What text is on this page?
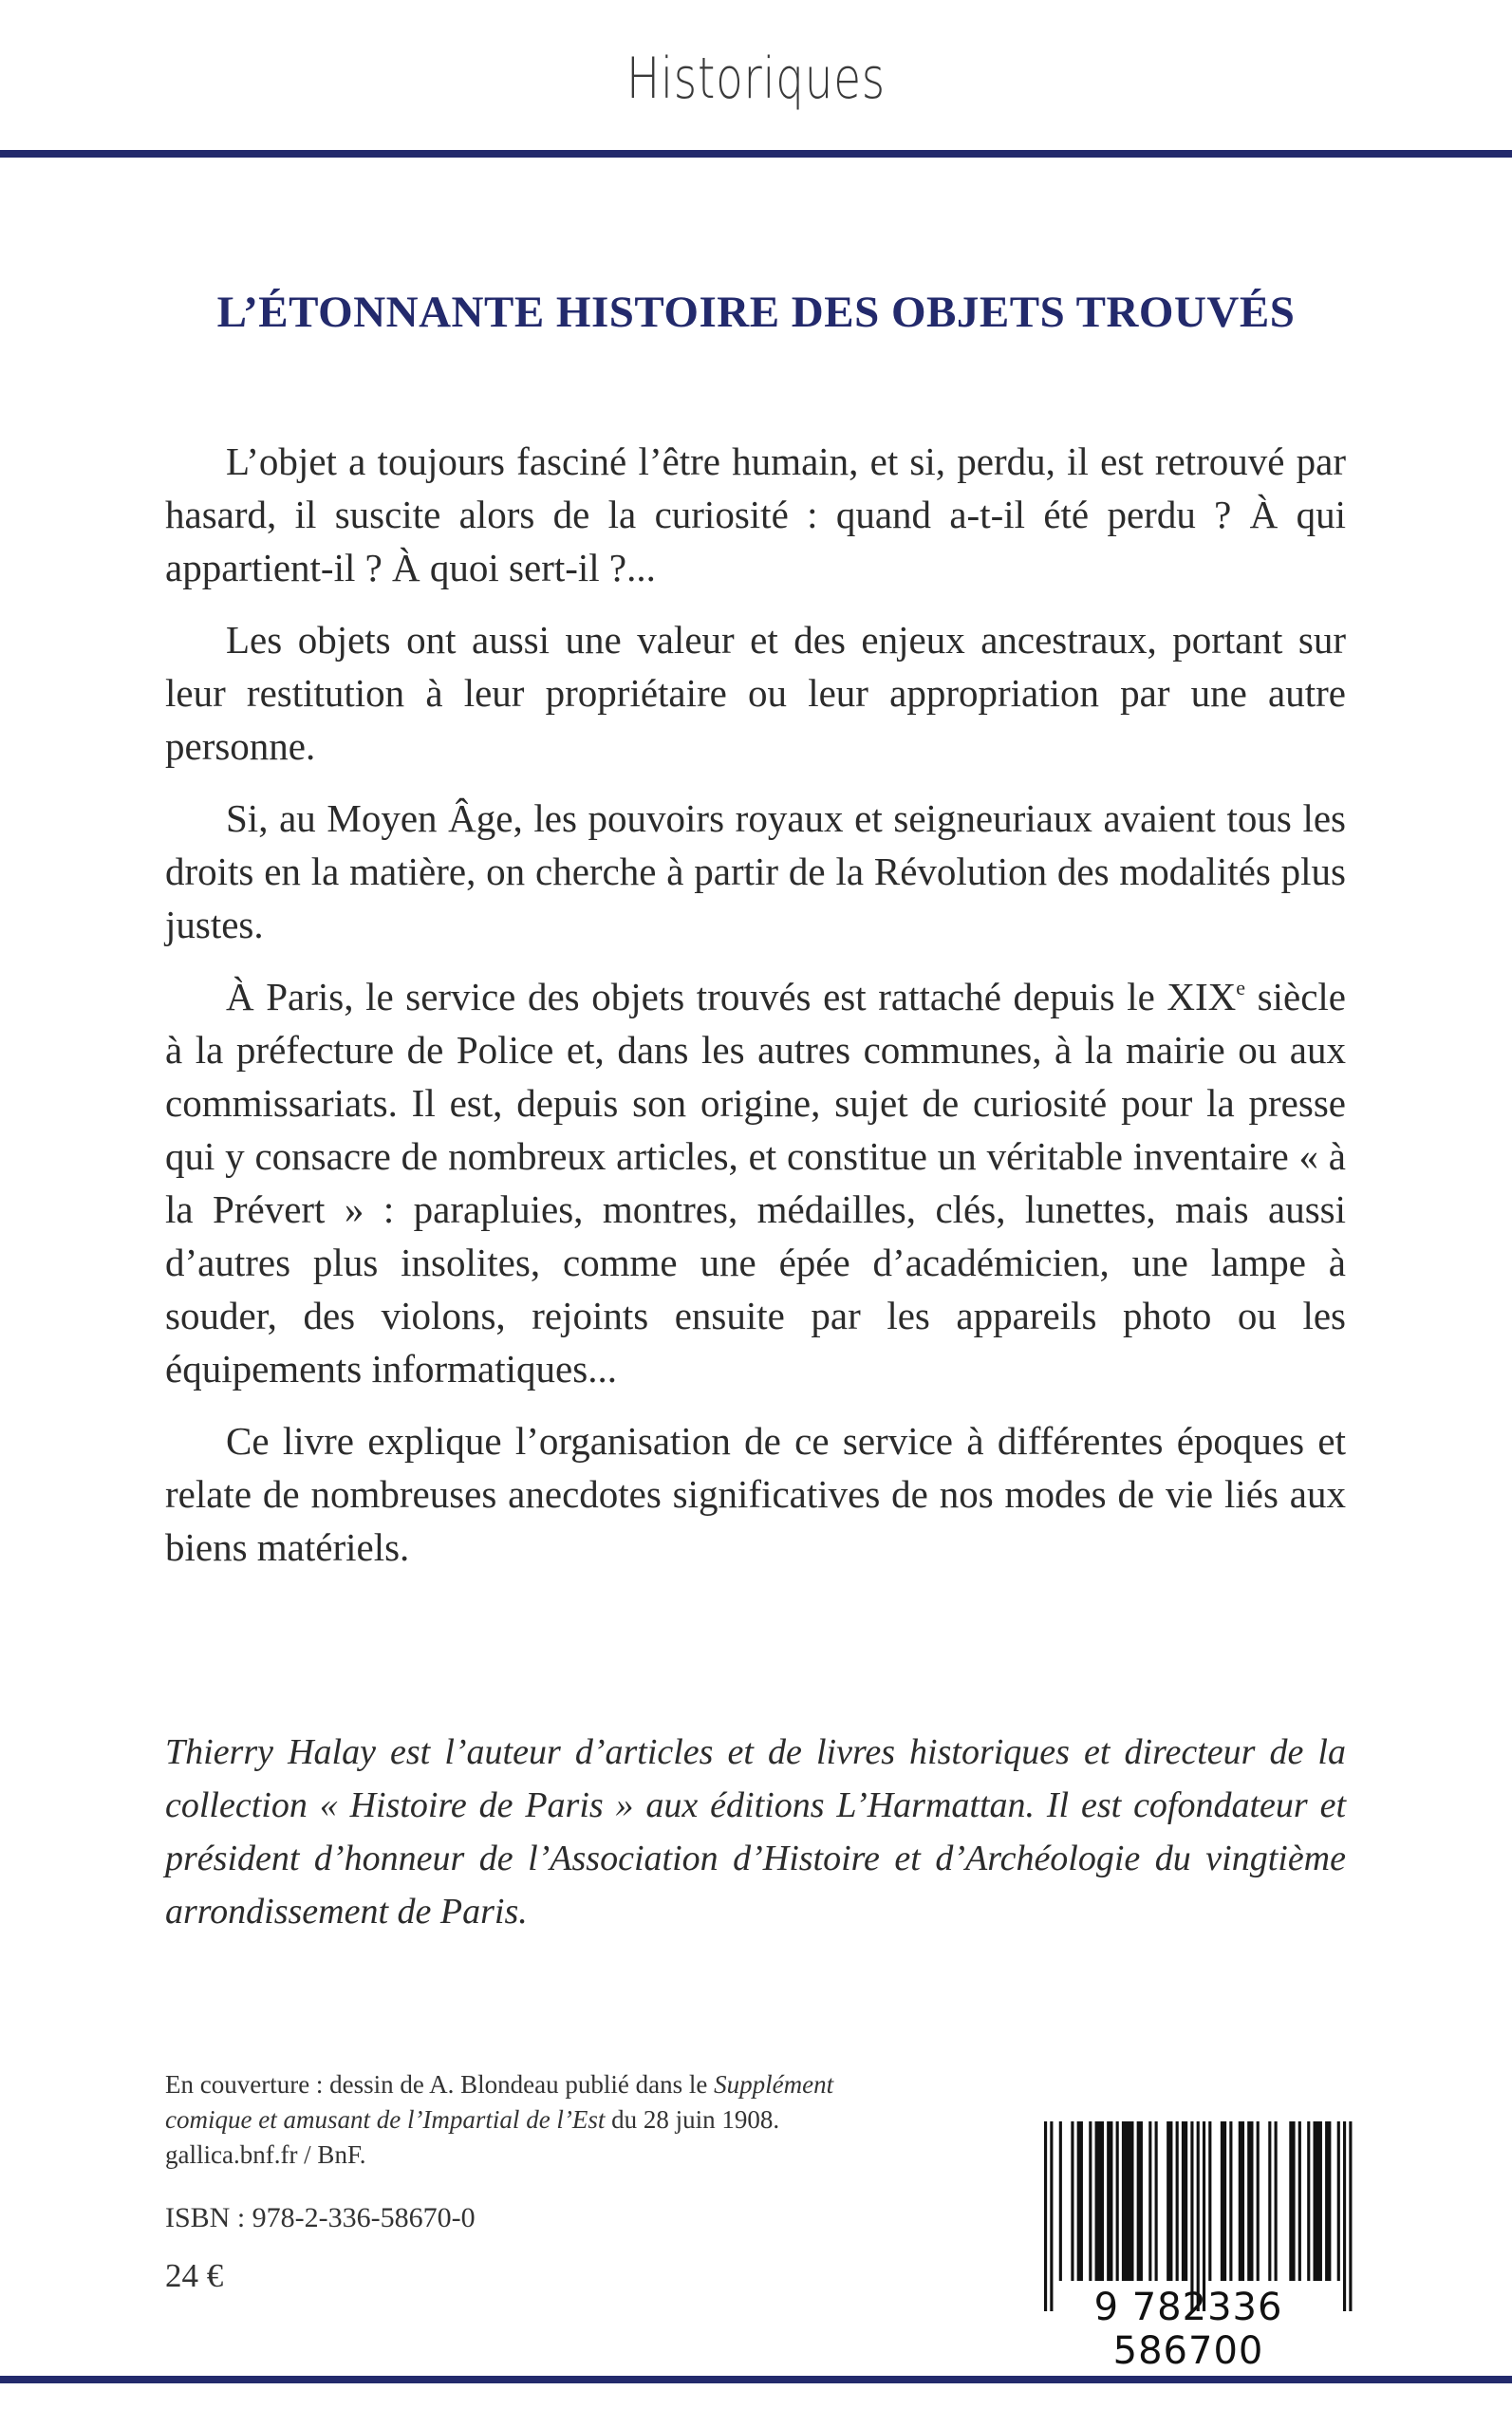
Historiques
L’ÉTONNANTE HISTOIRE DES OBJETS TROUVÉS

L’objet a toujours fasciné l’être humain, et si, perdu, il est retrouvé par hasard, il suscite alors de la curiosité : quand a-t-il été perdu ? À qui appartient-il ? À quoi sert-il ?...

Les objets ont aussi une valeur et des enjeux ancestraux, portant sur leur restitution à leur propriétaire ou leur appropriation par une autre personne.

Si, au Moyen Âge, les pouvoirs royaux et seigneuriaux avaient tous les droits en la matière, on cherche à partir de la Révolution des modalités plus justes.

À Paris, le service des objets trouvés est rattaché depuis le XIXe siècle à la préfecture de Police et, dans les autres communes, à la mairie ou aux commissariats. Il est, depuis son origine, sujet de curiosité pour la presse qui y consacre de nombreux articles, et constitue un véritable inventaire « à la Prévert » : parapluies, montres, médailles, clés, lunettes, mais aussi d’autres plus insolites, comme une épée d’académicien, une lampe à souder, des violons, rejoints ensuite par les appareils photo ou les équipements informatiques...

Ce livre explique l’organisation de ce service à différentes époques et relate de nombreuses anecdotes significatives de nos modes de vie liés aux biens matériels.

Thierry Halay est l’auteur d’articles et de livres historiques et directeur de la collection « Histoire de Paris » aux éditions L’Harmattan. Il est cofondateur et président d’honneur de l’Association d’Histoire et d’Archéologie du vingtième arrondissement de Paris.

En couverture : dessin de A. Blondeau publié dans le Supplément comique et amusant de l’Impartial de l’Est du 28 juin 1908.
gallica.bnf.fr / BnF.
ISBN : 978-2-336-58670-0
24 €
9 782336 586700
